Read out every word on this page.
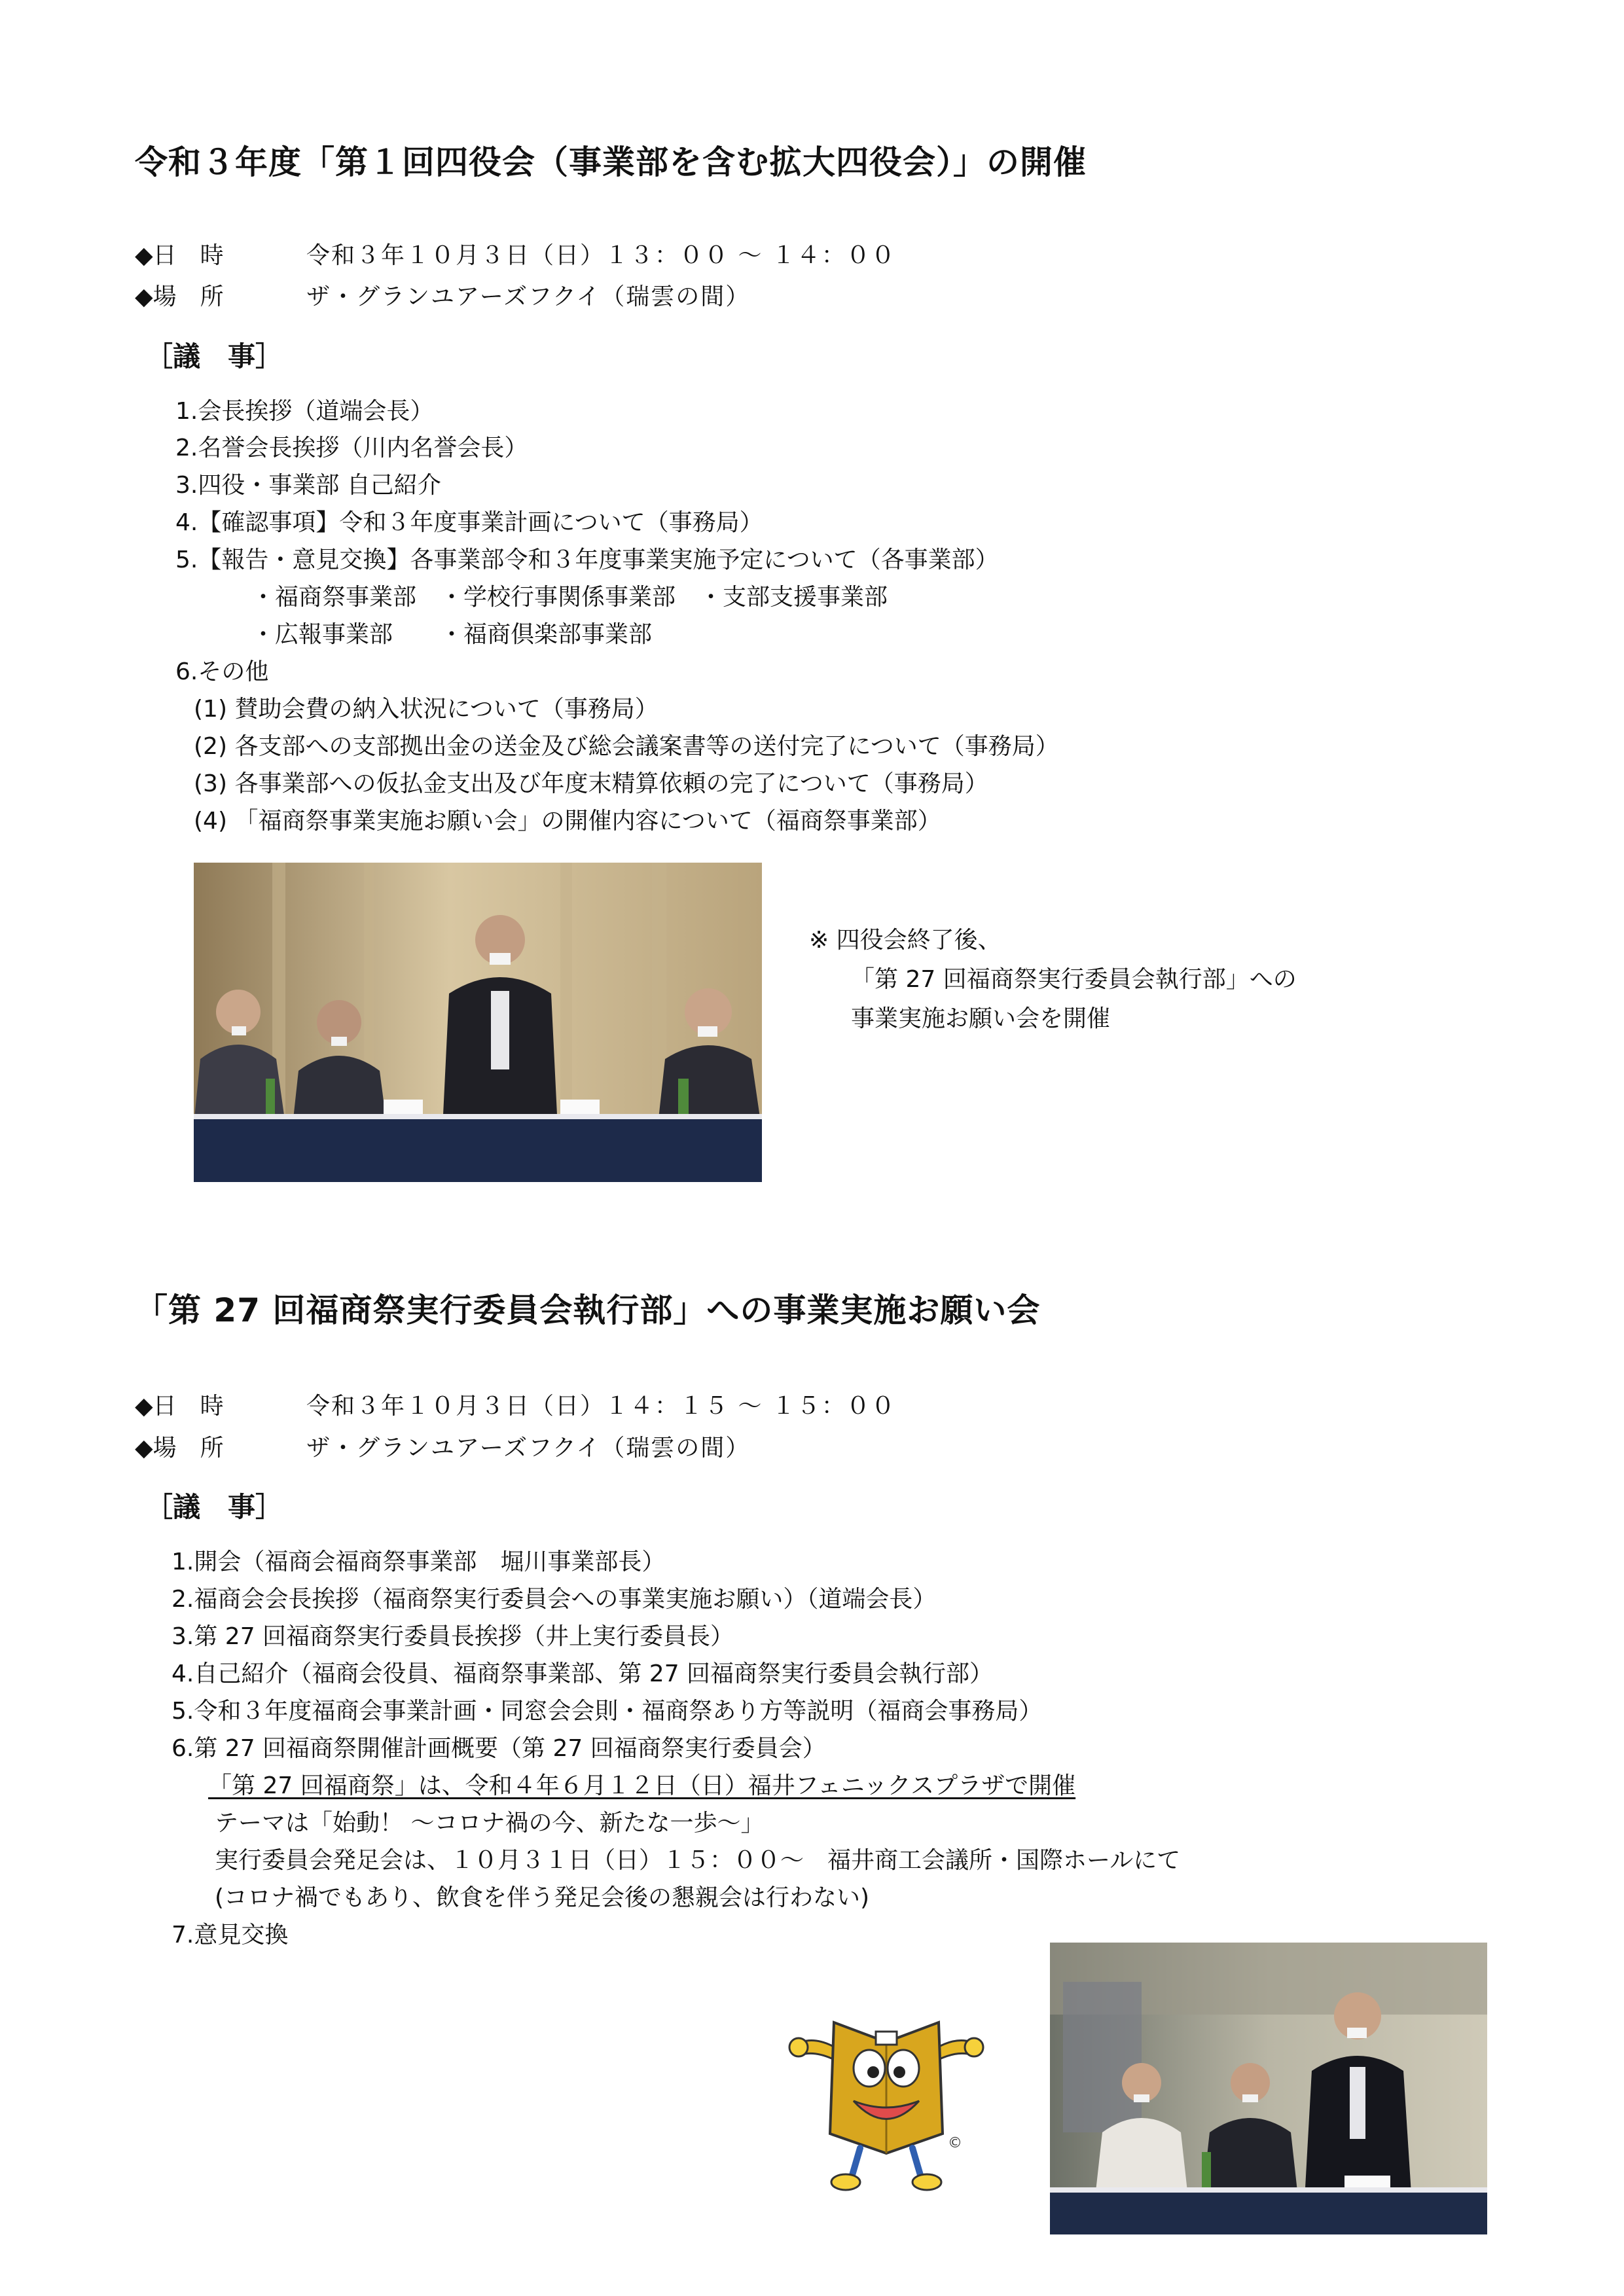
令和３年度「第１回四役会（事業部を含む拡大四役会）」の開催
◆日　時	令和３年１０月３日（日）１３：００ ～ １４：００
◆場　所	ザ・グランユアーズフクイ（瑞雲の間）
［議　事］
1.会長挨拶（道端会長）
2.名誉会長挨拶（川内名誉会長）
3.四役・事業部 自己紹介
4.【確認事項】令和３年度事業計画について（事務局）
5.【報告・意見交換】各事業部令和３年度事業実施予定について（各事業部）
・福商祭事業部　・学校行事関係事業部　・支部支援事業部
・広報事業部　　・福商倶楽部事業部
6.その他
(1) 賛助会費の納入状況について（事務局）
(2) 各支部への支部拠出金の送金及び総会議案書等の送付完了について（事務局）
(3) 各事業部への仮払金支出及び年度末精算依頼の完了について（事務局）
(4) 「福商祭事業実施お願い会」の開催内容について（福商祭事業部）
※ 四役会終了後、
「第 27 回福商祭実行委員会執行部」への
事業実施お願い会を開催
「第 27 回福商祭実行委員会執行部」への事業実施お願い会
◆日　時	令和３年１０月３日（日）１４：１５ ～ １５：００
◆場　所	ザ・グランユアーズフクイ（瑞雲の間）
［議　事］
1.開会（福商会福商祭事業部　堀川事業部長）
2.福商会会長挨拶（福商祭実行委員会への事業実施お願い）（道端会長）
3.第 27 回福商祭実行委員長挨拶（井上実行委員長）
4.自己紹介（福商会役員、福商祭事業部、第 27 回福商祭実行委員会執行部）
5.令和３年度福商会事業計画・同窓会会則・福商祭あり方等説明（福商会事務局）
6.第 27 回福商祭開催計画概要（第 27 回福商祭実行委員会）
「第 27 回福商祭」は、令和４年６月１２日（日）福井フェニックスプラザで開催
テーマは「始動！ ～コロナ禍の今、新たな一歩～」
実行委員会発足会は、１０月３１日（日）１５：００～　福井商工会議所・国際ホールにて
(コロナ禍でもあり、飲食を伴う発足会後の懇親会は行わない)
7.意見交換
©
